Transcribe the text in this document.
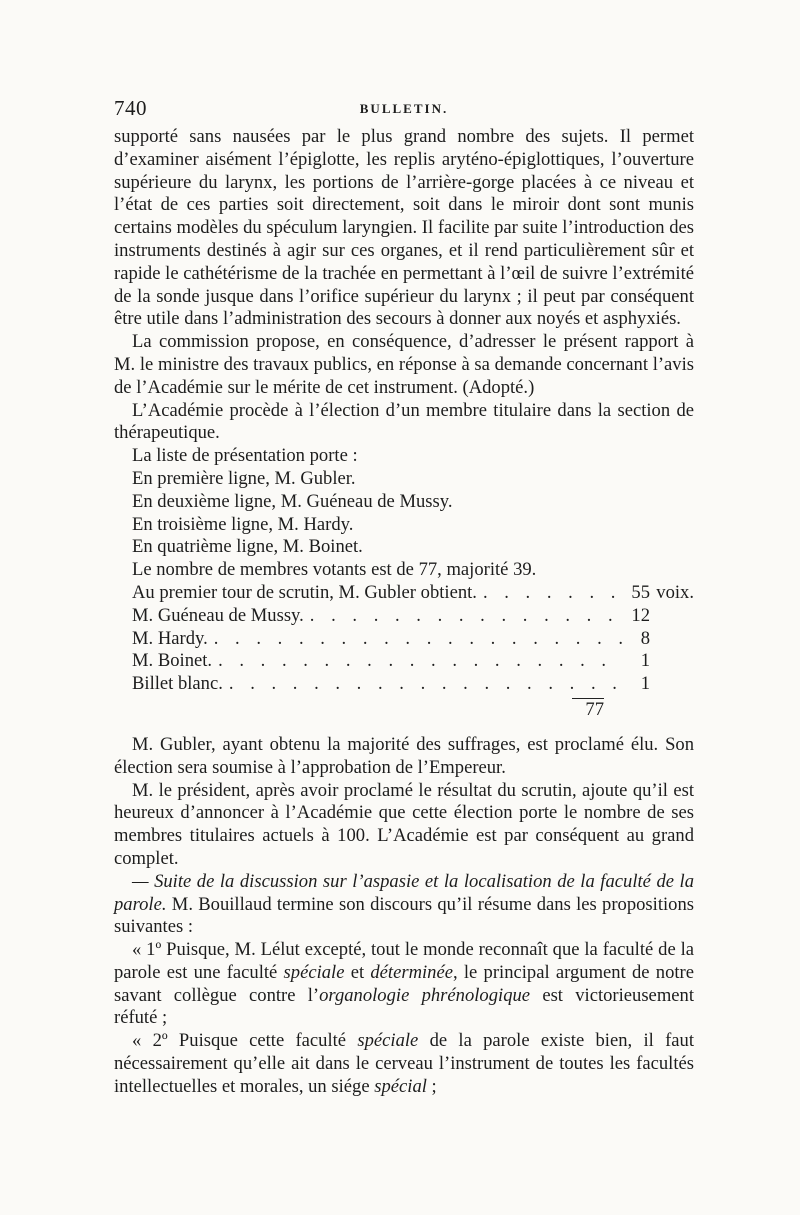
740	BULLETIN.

supporté sans nausées par le plus grand nombre des sujets. Il permet d’examiner aisément l’épiglotte, les replis aryténo-épiglottiques, l’ouverture supérieure du larynx, les portions de l’arrière-gorge placées à ce niveau et l’état de ces parties soit directement, soit dans le miroir dont sont munis certains modèles du spéculum laryngien. Il facilite par suite l’introduction des instruments destinés à agir sur ces organes, et il rend particulièrement sûr et rapide le cathétérisme de la trachée en permettant à l’œil de suivre l’extrémité de la sonde jusque dans l’orifice supérieur du larynx ; il peut par conséquent être utile dans l’administration des secours à donner aux noyés et asphyxiés.

La commission propose, en conséquence, d’adresser le présent rapport à M. le ministre des travaux publics, en réponse à sa demande concernant l’avis de l’Académie sur le mérite de cet instrument. (Adopté.)

L’Académie procède à l’élection d’un membre titulaire dans la section de thérapeutique.

La liste de présentation porte :

En première ligne, M. Gubler.
En deuxième ligne, M. Guéneau de Mussy.
En troisième ligne, M. Hardy.
En quatrième ligne, M. Boinet.

Le nombre de membres votants est de 77, majorité 39.

Au premier tour de scrutin, M. Gubler obtient. . . .	55 voix.
M. Guéneau de Mussy. . . .	12
M. Hardy. . . .	8
M. Boinet. . . .	1
Billet blanc. . . .	1
77

M. Gubler, ayant obtenu la majorité des suffrages, est proclamé élu. Son élection sera soumise à l’approbation de l’Empereur.

M. le président, après avoir proclamé le résultat du scrutin, ajoute qu’il est heureux d’annoncer à l’Académie que cette élection porte le nombre de ses membres titulaires actuels à 100. L’Académie est par conséquent au grand complet.

— Suite de la discussion sur l’aspasie et la localisation de la faculté de la parole. M. Bouillaud termine son discours qu’il résume dans les propositions suivantes :

« 1º Puisque, M. Lélut excepté, tout le monde reconnaît que la faculté de la parole est une faculté spéciale et déterminée, le principal argument de notre savant collègue contre l’organologie phrénologique est victorieusement réfuté ;

« 2º Puisque cette faculté spéciale de la parole existe bien, il faut nécessairement qu’elle ait dans le cerveau l’instrument de toutes les facultés intellectuelles et morales, un siége spécial ;
